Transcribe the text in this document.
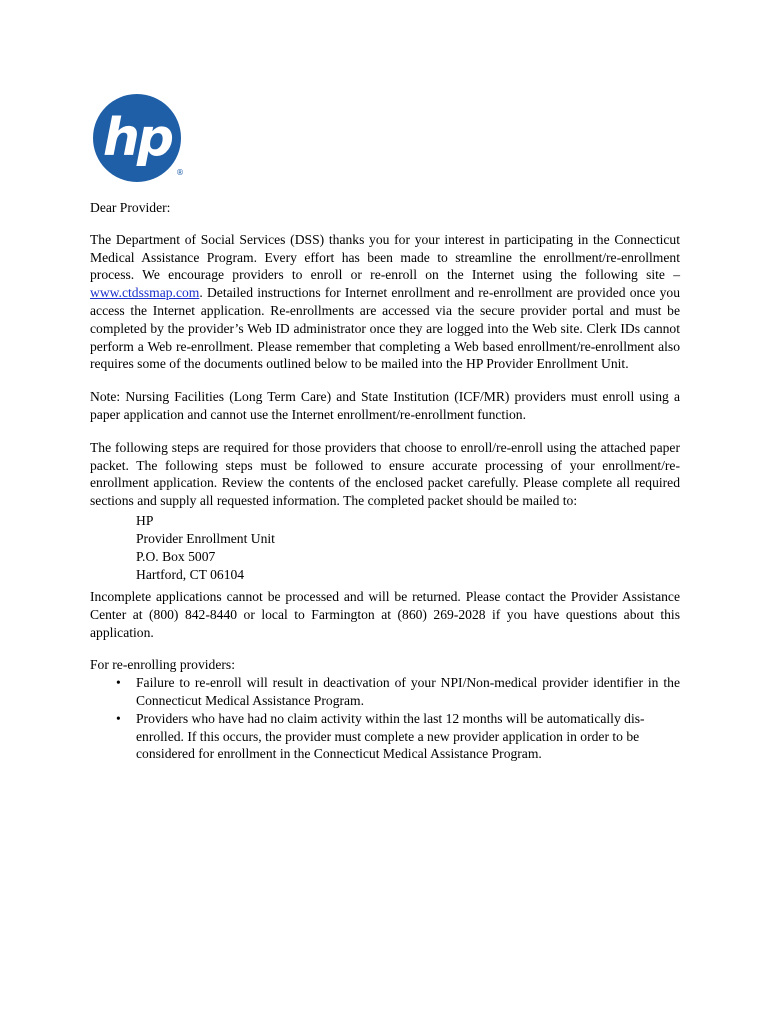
hp
®

Dear Provider:

The Department of Social Services (DSS) thanks you for your interest in participating in the Connecticut Medical Assistance Program. Every effort has been made to streamline the enrollment/re-enrollment process. We encourage providers to enroll or re-enroll on the Internet using the following site – www.ctdssmap.com. Detailed instructions for Internet enrollment and re-enrollment are provided once you access the Internet application. Re-enrollments are accessed via the secure provider portal and must be completed by the provider’s Web ID administrator once they are logged into the Web site. Clerk IDs cannot perform a Web re-enrollment. Please remember that completing a Web based enrollment/re-enrollment also requires some of the documents outlined below to be mailed into the HP Provider Enrollment Unit.

Note: Nursing Facilities (Long Term Care) and State Institution (ICF/MR) providers must enroll using a paper application and cannot use the Internet enrollment/re-enrollment function.

The following steps are required for those providers that choose to enroll/re-enroll using the attached paper packet. The following steps must be followed to ensure accurate processing of your enrollment/re-enrollment application. Review the contents of the enclosed packet carefully. Please complete all required sections and supply all requested information. The completed packet should be mailed to:

HP
Provider Enrollment Unit
P.O. Box 5007
Hartford, CT 06104

Incomplete applications cannot be processed and will be returned. Please contact the Provider Assistance Center at (800) 842-8440 or local to Farmington at (860) 269-2028 if you have questions about this application.

For re-enrolling providers:

• Failure to re-enroll will result in deactivation of your NPI/Non-medical provider identifier in the Connecticut Medical Assistance Program.
• Providers who have had no claim activity within the last 12 months will be automatically dis-enrolled. If this occurs, the provider must complete a new provider application in order to be considered for enrollment in the Connecticut Medical Assistance Program.
